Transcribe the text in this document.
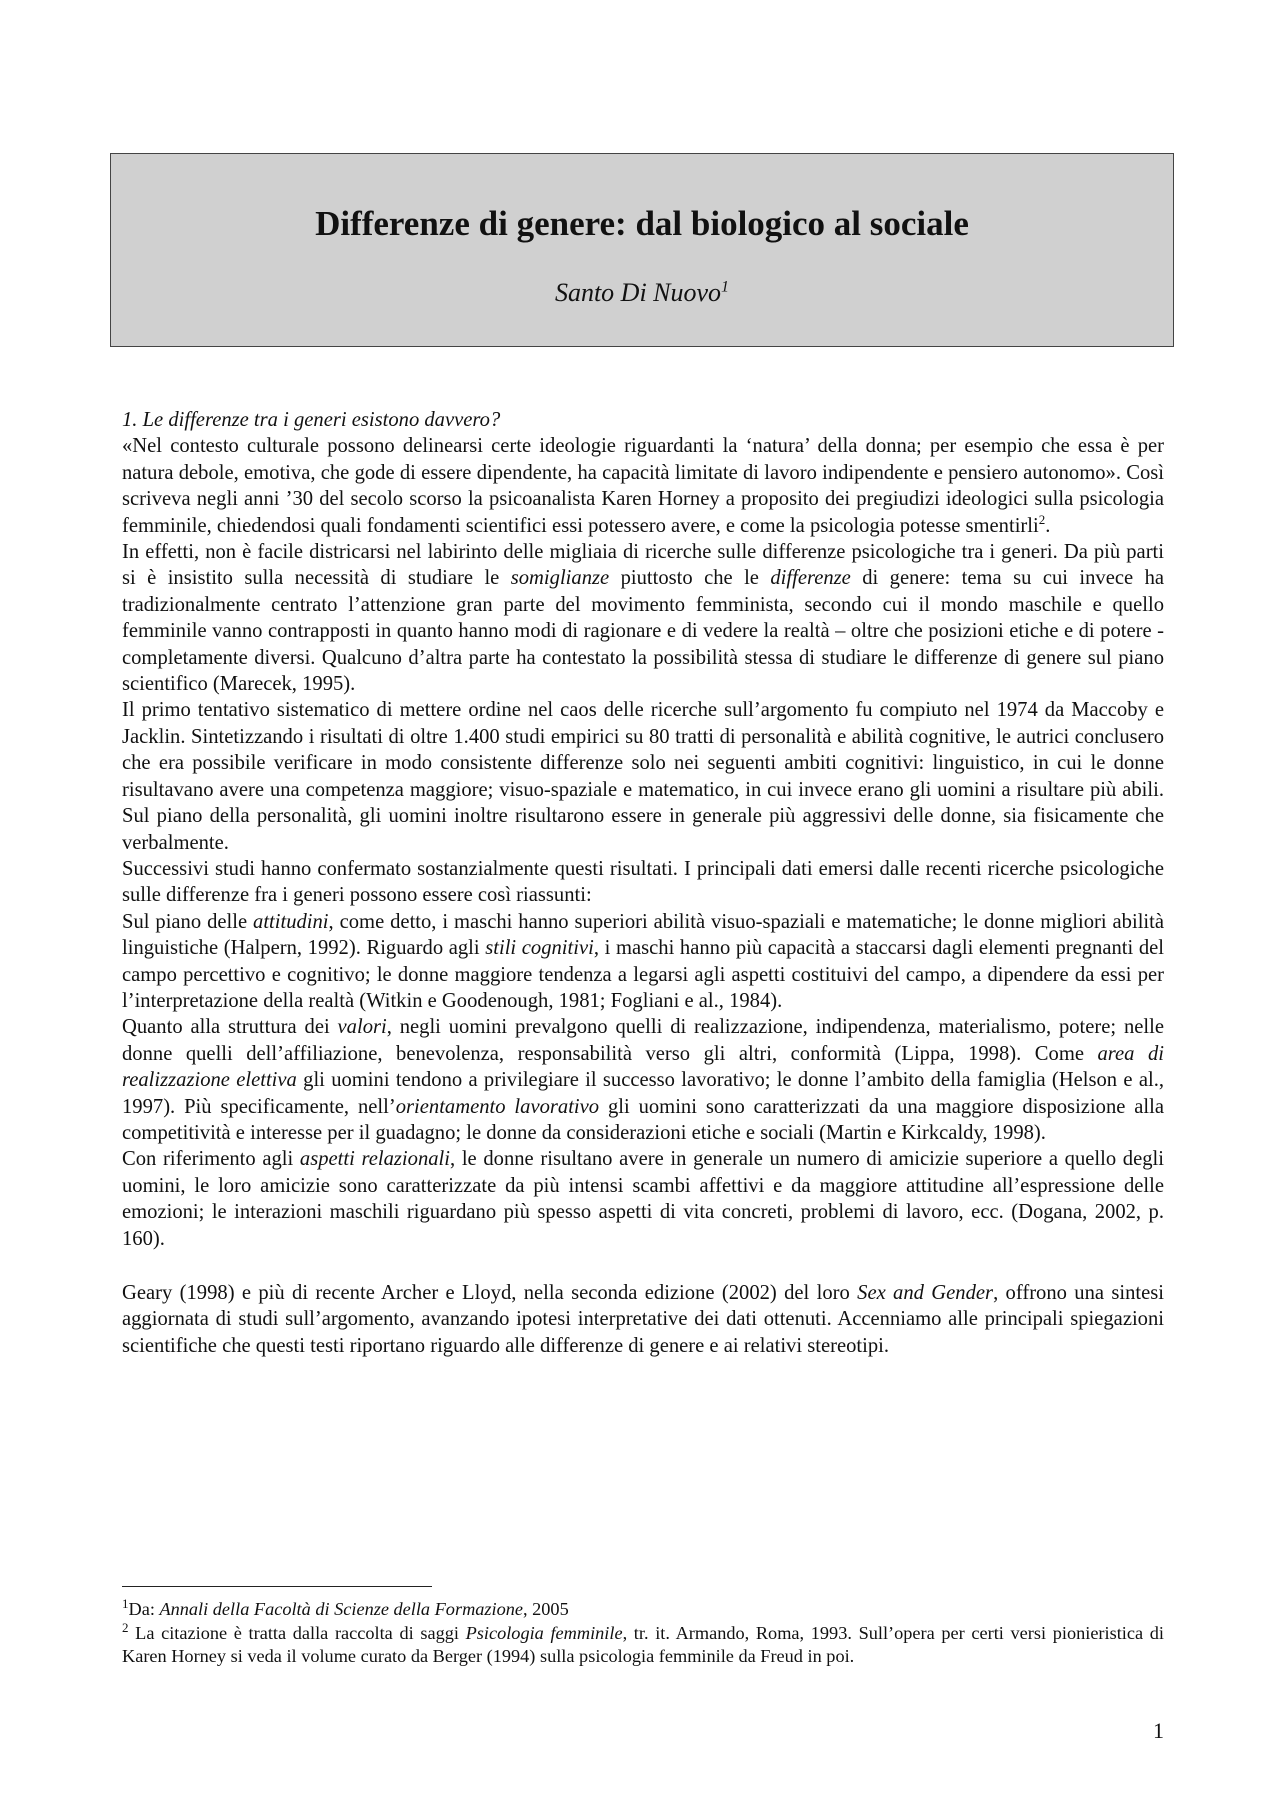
Differenze di genere: dal biologico al sociale

Santo Di Nuovo$^1$

1. Le differenze tra i generi esistono davvero?

«Nel contesto culturale possono delinearsi certe ideologie riguardanti la ‘natura’ della donna; per esempio che essa è per natura debole, emotiva, che gode di essere dipendente, ha capacità limitate di lavoro indipendente e pensiero autonomo». Così scriveva negli anni ’30 del secolo scorso la psicoanalista Karen Horney a proposito dei pregiudizi ideologici sulla psicologia femminile, chiedendosi quali fondamenti scientifici essi potessero avere, e come la psicologia potesse smentirli$^2$.

In effetti, non è facile districarsi nel labirinto delle migliaia di ricerche sulle differenze psicologiche tra i generi. Da più parti si è insistito sulla necessità di studiare le somiglianze piuttosto che le differenze di genere: tema su cui invece ha tradizionalmente centrato l’attenzione gran parte del movimento femminista, secondo cui il mondo maschile e quello femminile vanno contrapposti in quanto hanno modi di ragionare e di vedere la realtà – oltre che posizioni etiche e di potere - completamente diversi. Qualcuno d’altra parte ha contestato la possibilità stessa di studiare le differenze di genere sul piano scientifico (Marecek, 1995).

Il primo tentativo sistematico di mettere ordine nel caos delle ricerche sull’argomento fu compiuto nel 1974 da Maccoby e Jacklin. Sintetizzando i risultati di oltre 1.400 studi empirici su 80 tratti di personalità e abilità cognitive, le autrici conclusero che era possibile verificare in modo consistente differenze solo nei seguenti ambiti cognitivi: linguistico, in cui le donne risultavano avere una competenza maggiore; visuo-spaziale e matematico, in cui invece erano gli uomini a risultare più abili. Sul piano della personalità, gli uomini inoltre risultarono essere in generale più aggressivi delle donne, sia fisicamente che verbalmente.

Successivi studi hanno confermato sostanzialmente questi risultati. I principali dati emersi dalle recenti ricerche psicologiche sulle differenze fra i generi possono essere così riassunti:

Sul piano delle attitudini, come detto, i maschi hanno superiori abilità visuo-spaziali e matematiche; le donne migliori abilità linguistiche (Halpern, 1992). Riguardo agli stili cognitivi, i maschi hanno più capacità a staccarsi dagli elementi pregnanti del campo percettivo e cognitivo; le donne maggiore tendenza a legarsi agli aspetti costituivi del campo, a dipendere da essi per l’interpretazione della realtà (Witkin e Goodenough, 1981; Fogliani e al., 1984).

Quanto alla struttura dei valori, negli uomini prevalgono quelli di realizzazione, indipendenza, materialismo, potere; nelle donne quelli dell’affiliazione, benevolenza, responsabilità verso gli altri, conformità (Lippa, 1998). Come area di realizzazione elettiva gli uomini tendono a privilegiare il successo lavorativo; le donne l’ambito della famiglia (Helson e al., 1997). Più specificamente, nell’orientamento lavorativo gli uomini sono caratterizzati da una maggiore disposizione alla competitività e interesse per il guadagno; le donne da considerazioni etiche e sociali (Martin e Kirkcaldy, 1998).

Con riferimento agli aspetti relazionali, le donne risultano avere in generale un numero di amicizie superiore a quello degli uomini, le loro amicizie sono caratterizzate da più intensi scambi affettivi e da maggiore attitudine all’espressione delle emozioni; le interazioni maschili riguardano più spesso aspetti di vita concreti, problemi di lavoro, ecc. (Dogana, 2002, p. 160).

Geary (1998) e più di recente Archer e Lloyd, nella seconda edizione (2002) del loro Sex and Gender, offrono una sintesi aggiornata di studi sull’argomento, avanzando ipotesi interpretative dei dati ottenuti. Accenniamo alle principali spiegazioni scientifiche che questi testi riportano riguardo alle differenze di genere e ai relativi stereotipi.

$^1$Da: Annali della Facoltà di Scienze della Formazione, 2005

$^2$ La citazione è tratta dalla raccolta di saggi Psicologia femminile, tr. it. Armando, Roma, 1993. Sull’opera per certi versi pionieristica di Karen Horney si veda il volume curato da Berger (1994) sulla psicologia femminile da Freud in poi.

1
